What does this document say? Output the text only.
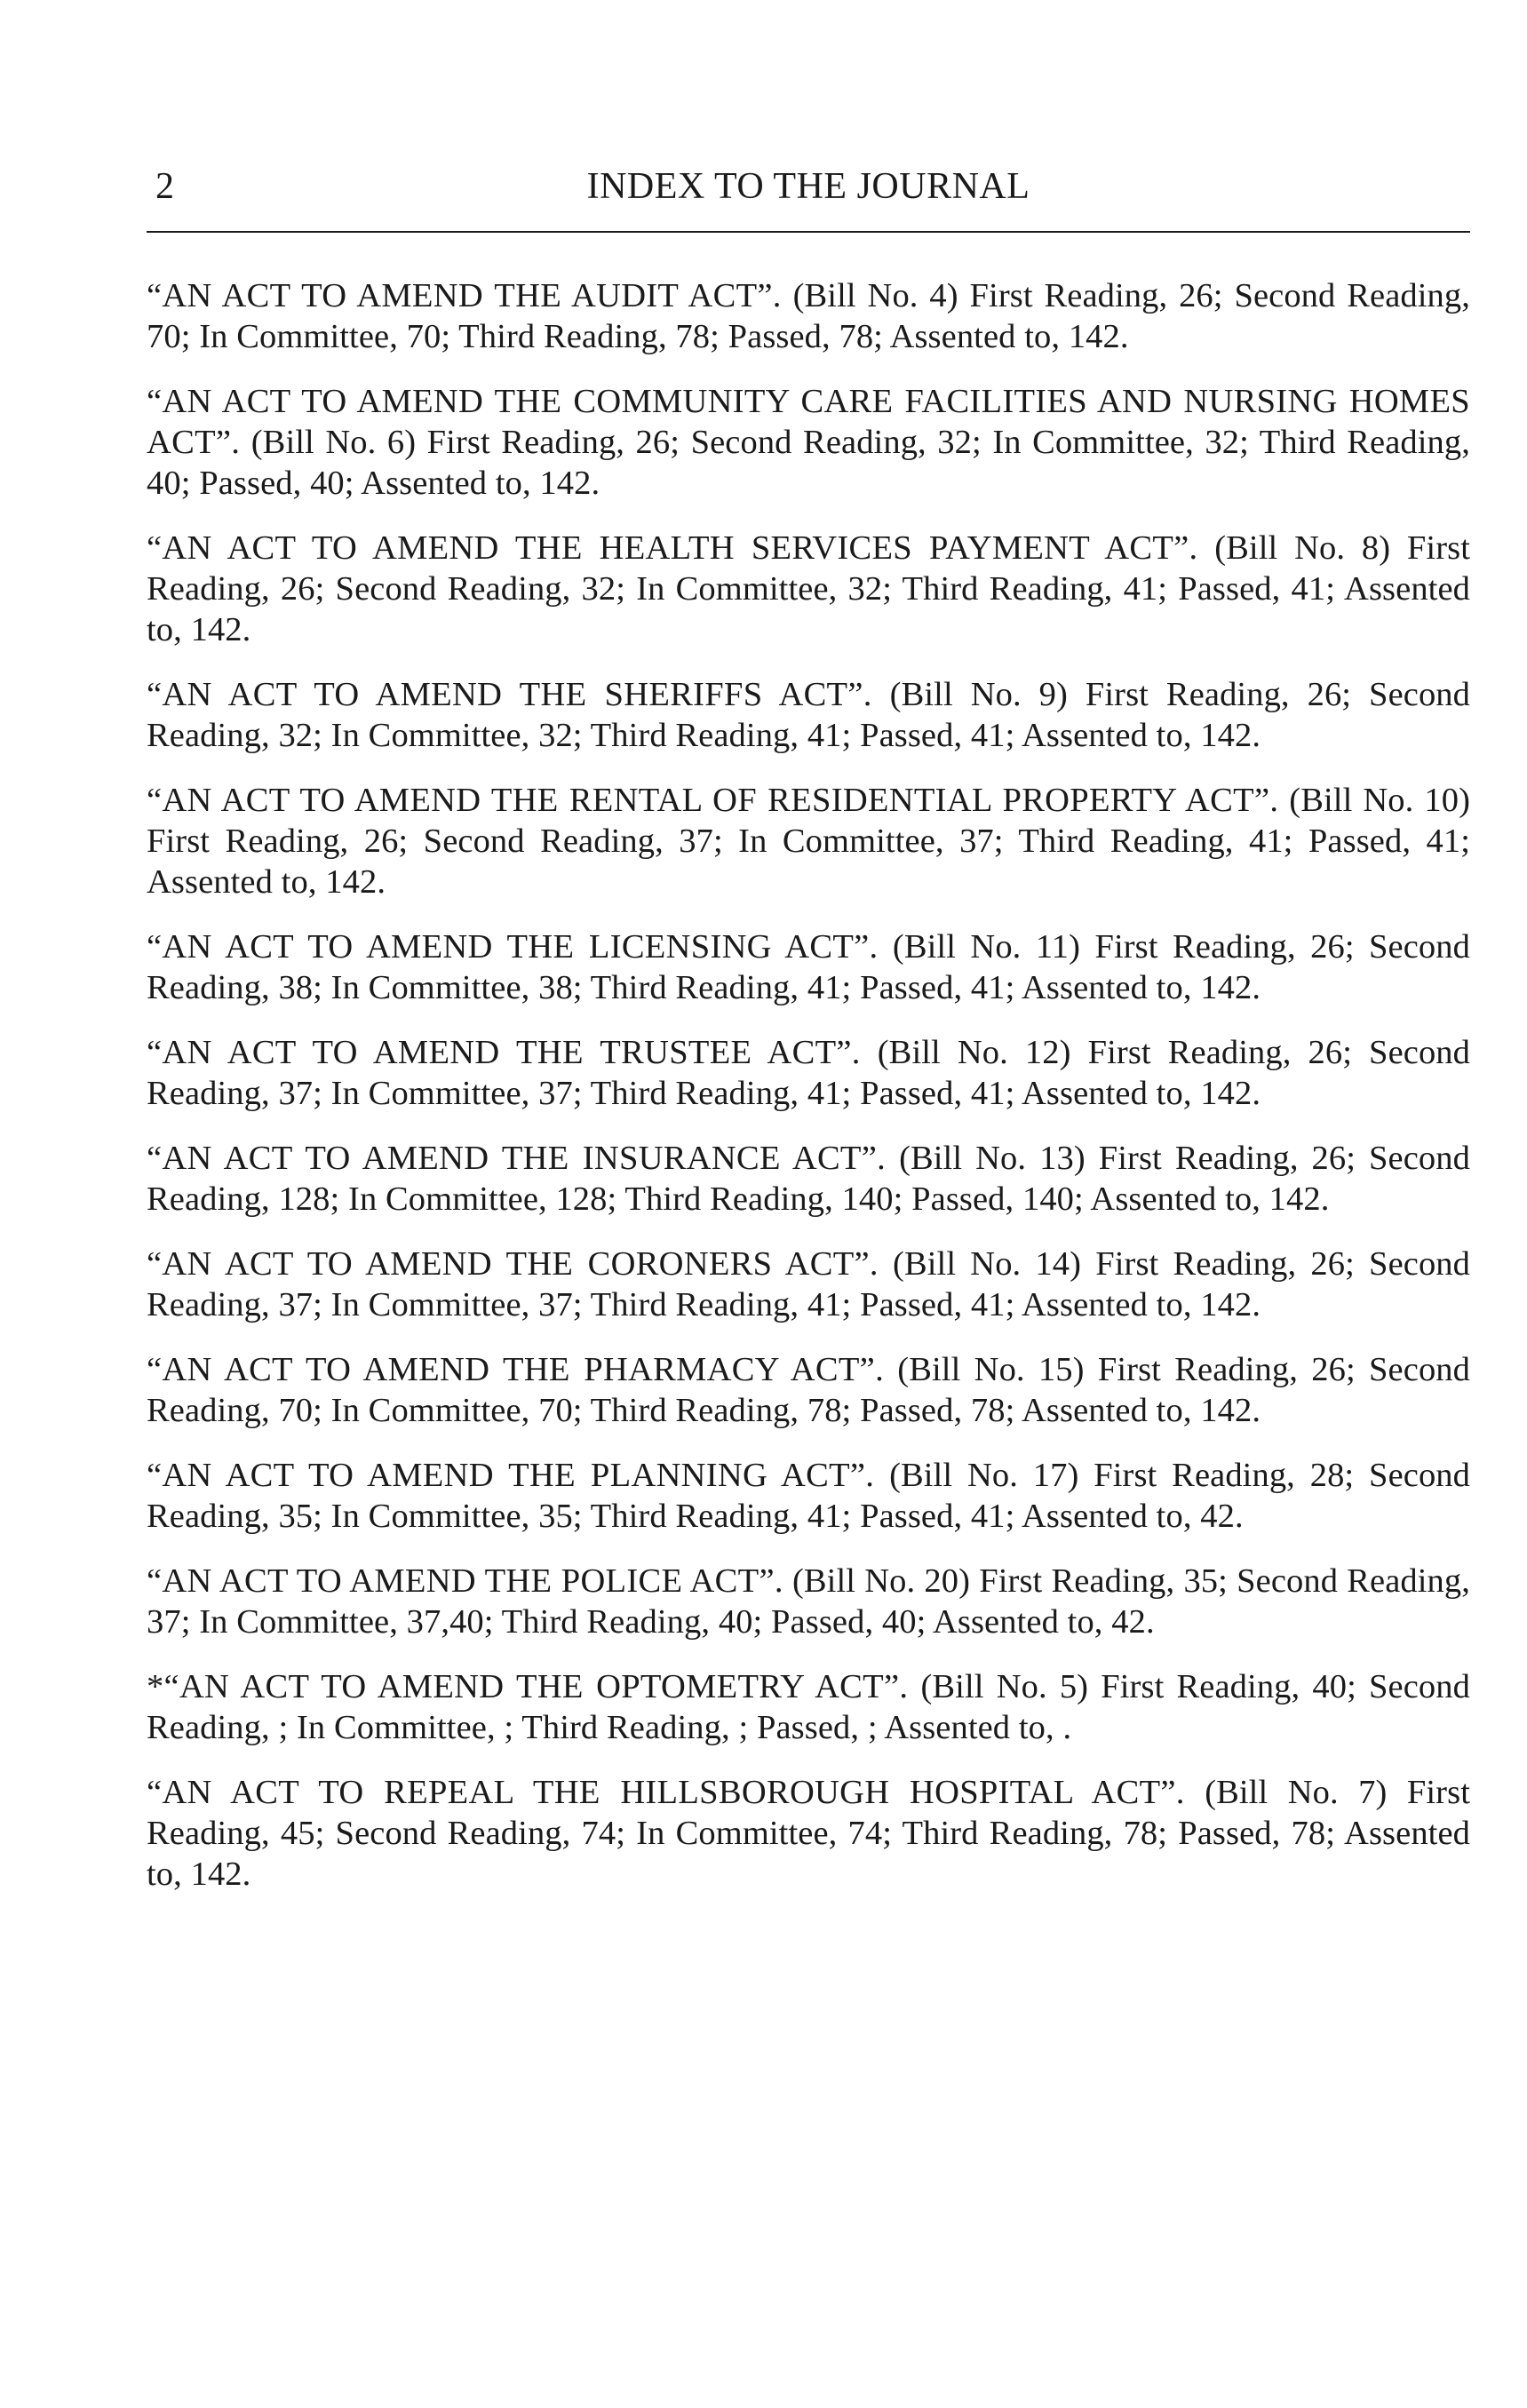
2	INDEX TO THE JOURNAL

“AN ACT TO AMEND THE AUDIT ACT”. (Bill No. 4) First Reading, 26; Second Reading, 70; In Committee, 70; Third Reading, 78; Passed, 78; Assented to, 142.

“AN ACT TO AMEND THE COMMUNITY CARE FACILITIES AND NURSING HOMES ACT”. (Bill No. 6) First Reading, 26; Second Reading, 32; In Committee, 32; Third Reading, 40; Passed, 40; Assented to, 142.

“AN ACT TO AMEND THE HEALTH SERVICES PAYMENT ACT”. (Bill No. 8) First Reading, 26; Second Reading, 32; In Committee, 32; Third Reading, 41; Passed, 41; Assented to, 142.

“AN ACT TO AMEND THE SHERIFFS ACT”. (Bill No. 9) First Reading, 26; Second Reading, 32; In Committee, 32; Third Reading, 41; Passed, 41; Assented to, 142.

“AN ACT TO AMEND THE RENTAL OF RESIDENTIAL PROPERTY ACT”. (Bill No. 10) First Reading, 26; Second Reading, 37; In Committee, 37; Third Reading, 41; Passed, 41; Assented to, 142.

“AN ACT TO AMEND THE LICENSING ACT”. (Bill No. 11) First Reading, 26; Second Reading, 38; In Committee, 38; Third Reading, 41; Passed, 41; Assented to, 142.

“AN ACT TO AMEND THE TRUSTEE ACT”. (Bill No. 12) First Reading, 26; Second Reading, 37; In Committee, 37; Third Reading, 41; Passed, 41; Assented to, 142.

“AN ACT TO AMEND THE INSURANCE ACT”. (Bill No. 13) First Reading, 26; Second Reading, 128; In Committee, 128; Third Reading, 140; Passed, 140; Assented to, 142.

“AN ACT TO AMEND THE CORONERS ACT”. (Bill No. 14) First Reading, 26; Second Reading, 37; In Committee, 37; Third Reading, 41; Passed, 41; Assented to, 142.

“AN ACT TO AMEND THE PHARMACY ACT”. (Bill No. 15) First Reading, 26; Second Reading, 70; In Committee, 70; Third Reading, 78; Passed, 78; Assented to, 142.

“AN ACT TO AMEND THE PLANNING ACT”. (Bill No. 17) First Reading, 28; Second Reading, 35; In Committee, 35; Third Reading, 41; Passed, 41; Assented to, 42.

“AN ACT TO AMEND THE POLICE ACT”. (Bill No. 20) First Reading, 35; Second Reading, 37; In Committee, 37,40; Third Reading, 40; Passed, 40; Assented to, 42.

*“AN ACT TO AMEND THE OPTOMETRY ACT”. (Bill No. 5) First Reading, 40; Second Reading, ; In Committee, ; Third Reading, ; Passed, ; Assented to, .

“AN ACT TO REPEAL THE HILLSBOROUGH HOSPITAL ACT”. (Bill No. 7) First Reading, 45; Second Reading, 74; In Committee, 74; Third Reading, 78; Passed, 78; Assented to, 142.
